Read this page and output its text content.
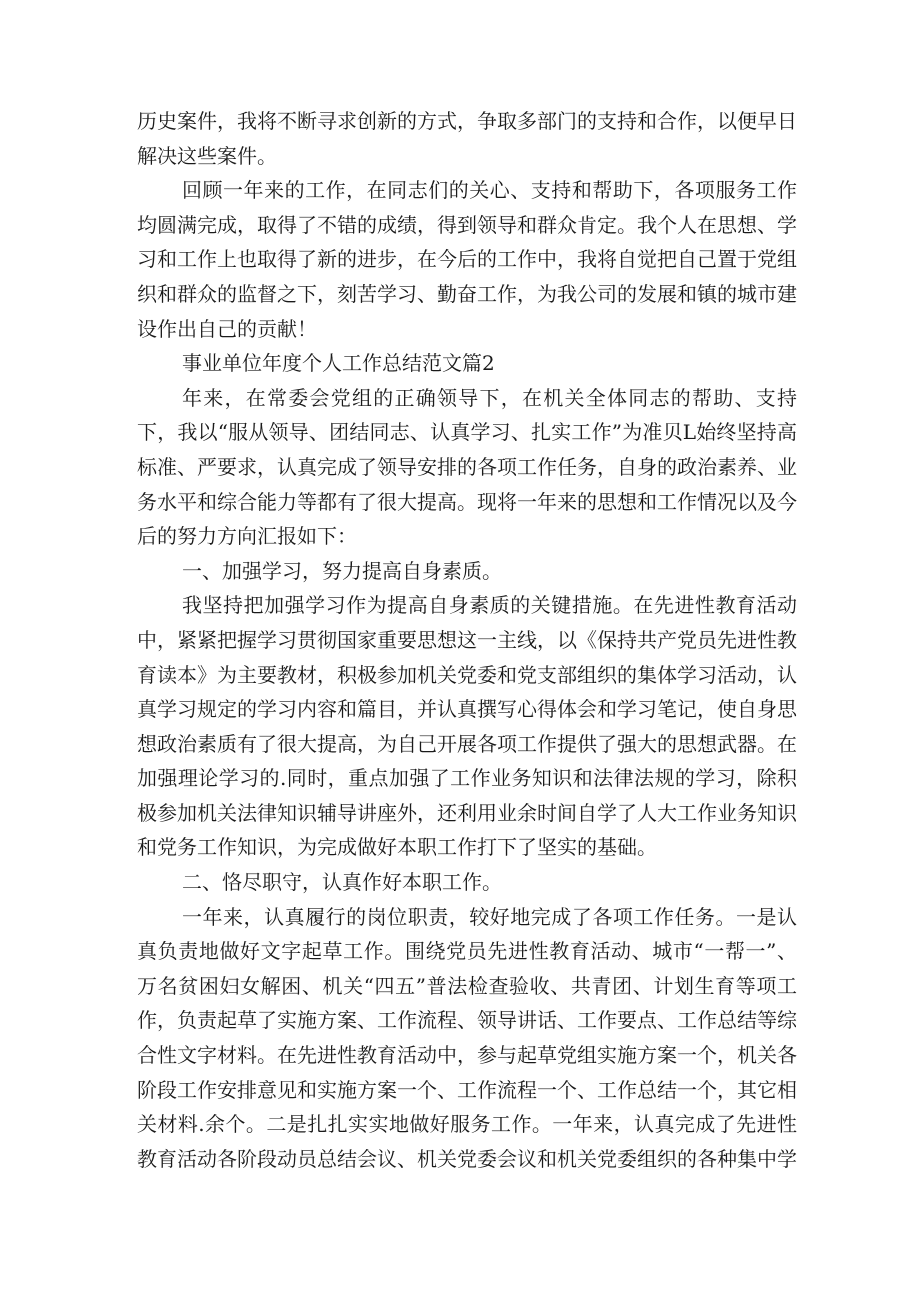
历史案件，我将不断寻求创新的方式，争取多部门的支持和合作，以便早日解决这些案件。

回顾一年来的工作，在同志们的关心、支持和帮助下，各项服务工作均圆满完成，取得了不错的成绩，得到领导和群众肯定。我个人在思想、学习和工作上也取得了新的进步，在今后的工作中，我将自觉把自己置于党组织和群众的监督之下，刻苦学习、勤奋工作，为我公司的发展和镇的城市建设作出自己的贡献！

事业单位年度个人工作总结范文篇2

年来，在常委会党组的正确领导下，在机关全体同志的帮助、支持下，我以“服从领导、团结同志、认真学习、扎实工作”为准贝L始终坚持高标准、严要求，认真完成了领导安排的各项工作任务，自身的政治素养、业务水平和综合能力等都有了很大提高。现将一年来的思想和工作情况以及今后的努力方向汇报如下：

一、加强学习，努力提高自身素质。

我坚持把加强学习作为提高自身素质的关键措施。在先进性教育活动中，紧紧把握学习贯彻国家重要思想这一主线，以《保持共产党员先进性教育读本》为主要教材，积极参加机关党委和党支部组织的集体学习活动，认真学习规定的学习内容和篇目，并认真撰写心得体会和学习笔记，使自身思想政治素质有了很大提高，为自己开展各项工作提供了强大的思想武器。在加强理论学习的.同时，重点加强了工作业务知识和法律法规的学习，除积极参加机关法律知识辅导讲座外，还利用业余时间自学了人大工作业务知识和党务工作知识，为完成做好本职工作打下了坚实的基础。

二、恪尽职守，认真作好本职工作。

一年来，认真履行的岗位职责，较好地完成了各项工作任务。一是认真负责地做好文字起草工作。围绕党员先进性教育活动、城市“一帮一”、万名贫困妇女解困、机关“四五”普法检查验收、共青团、计划生育等项工作，负责起草了实施方案、工作流程、领导讲话、工作要点、工作总结等综合性文字材料。在先进性教育活动中，参与起草党组实施方案一个，机关各阶段工作安排意见和实施方案一个、工作流程一个、工作总结一个，其它相关材料.余个。二是扎扎实实地做好服务工作。一年来，认真完成了先进性教育活动各阶段动员总结会议、机关党委会议和机关党委组织的各种集中学
